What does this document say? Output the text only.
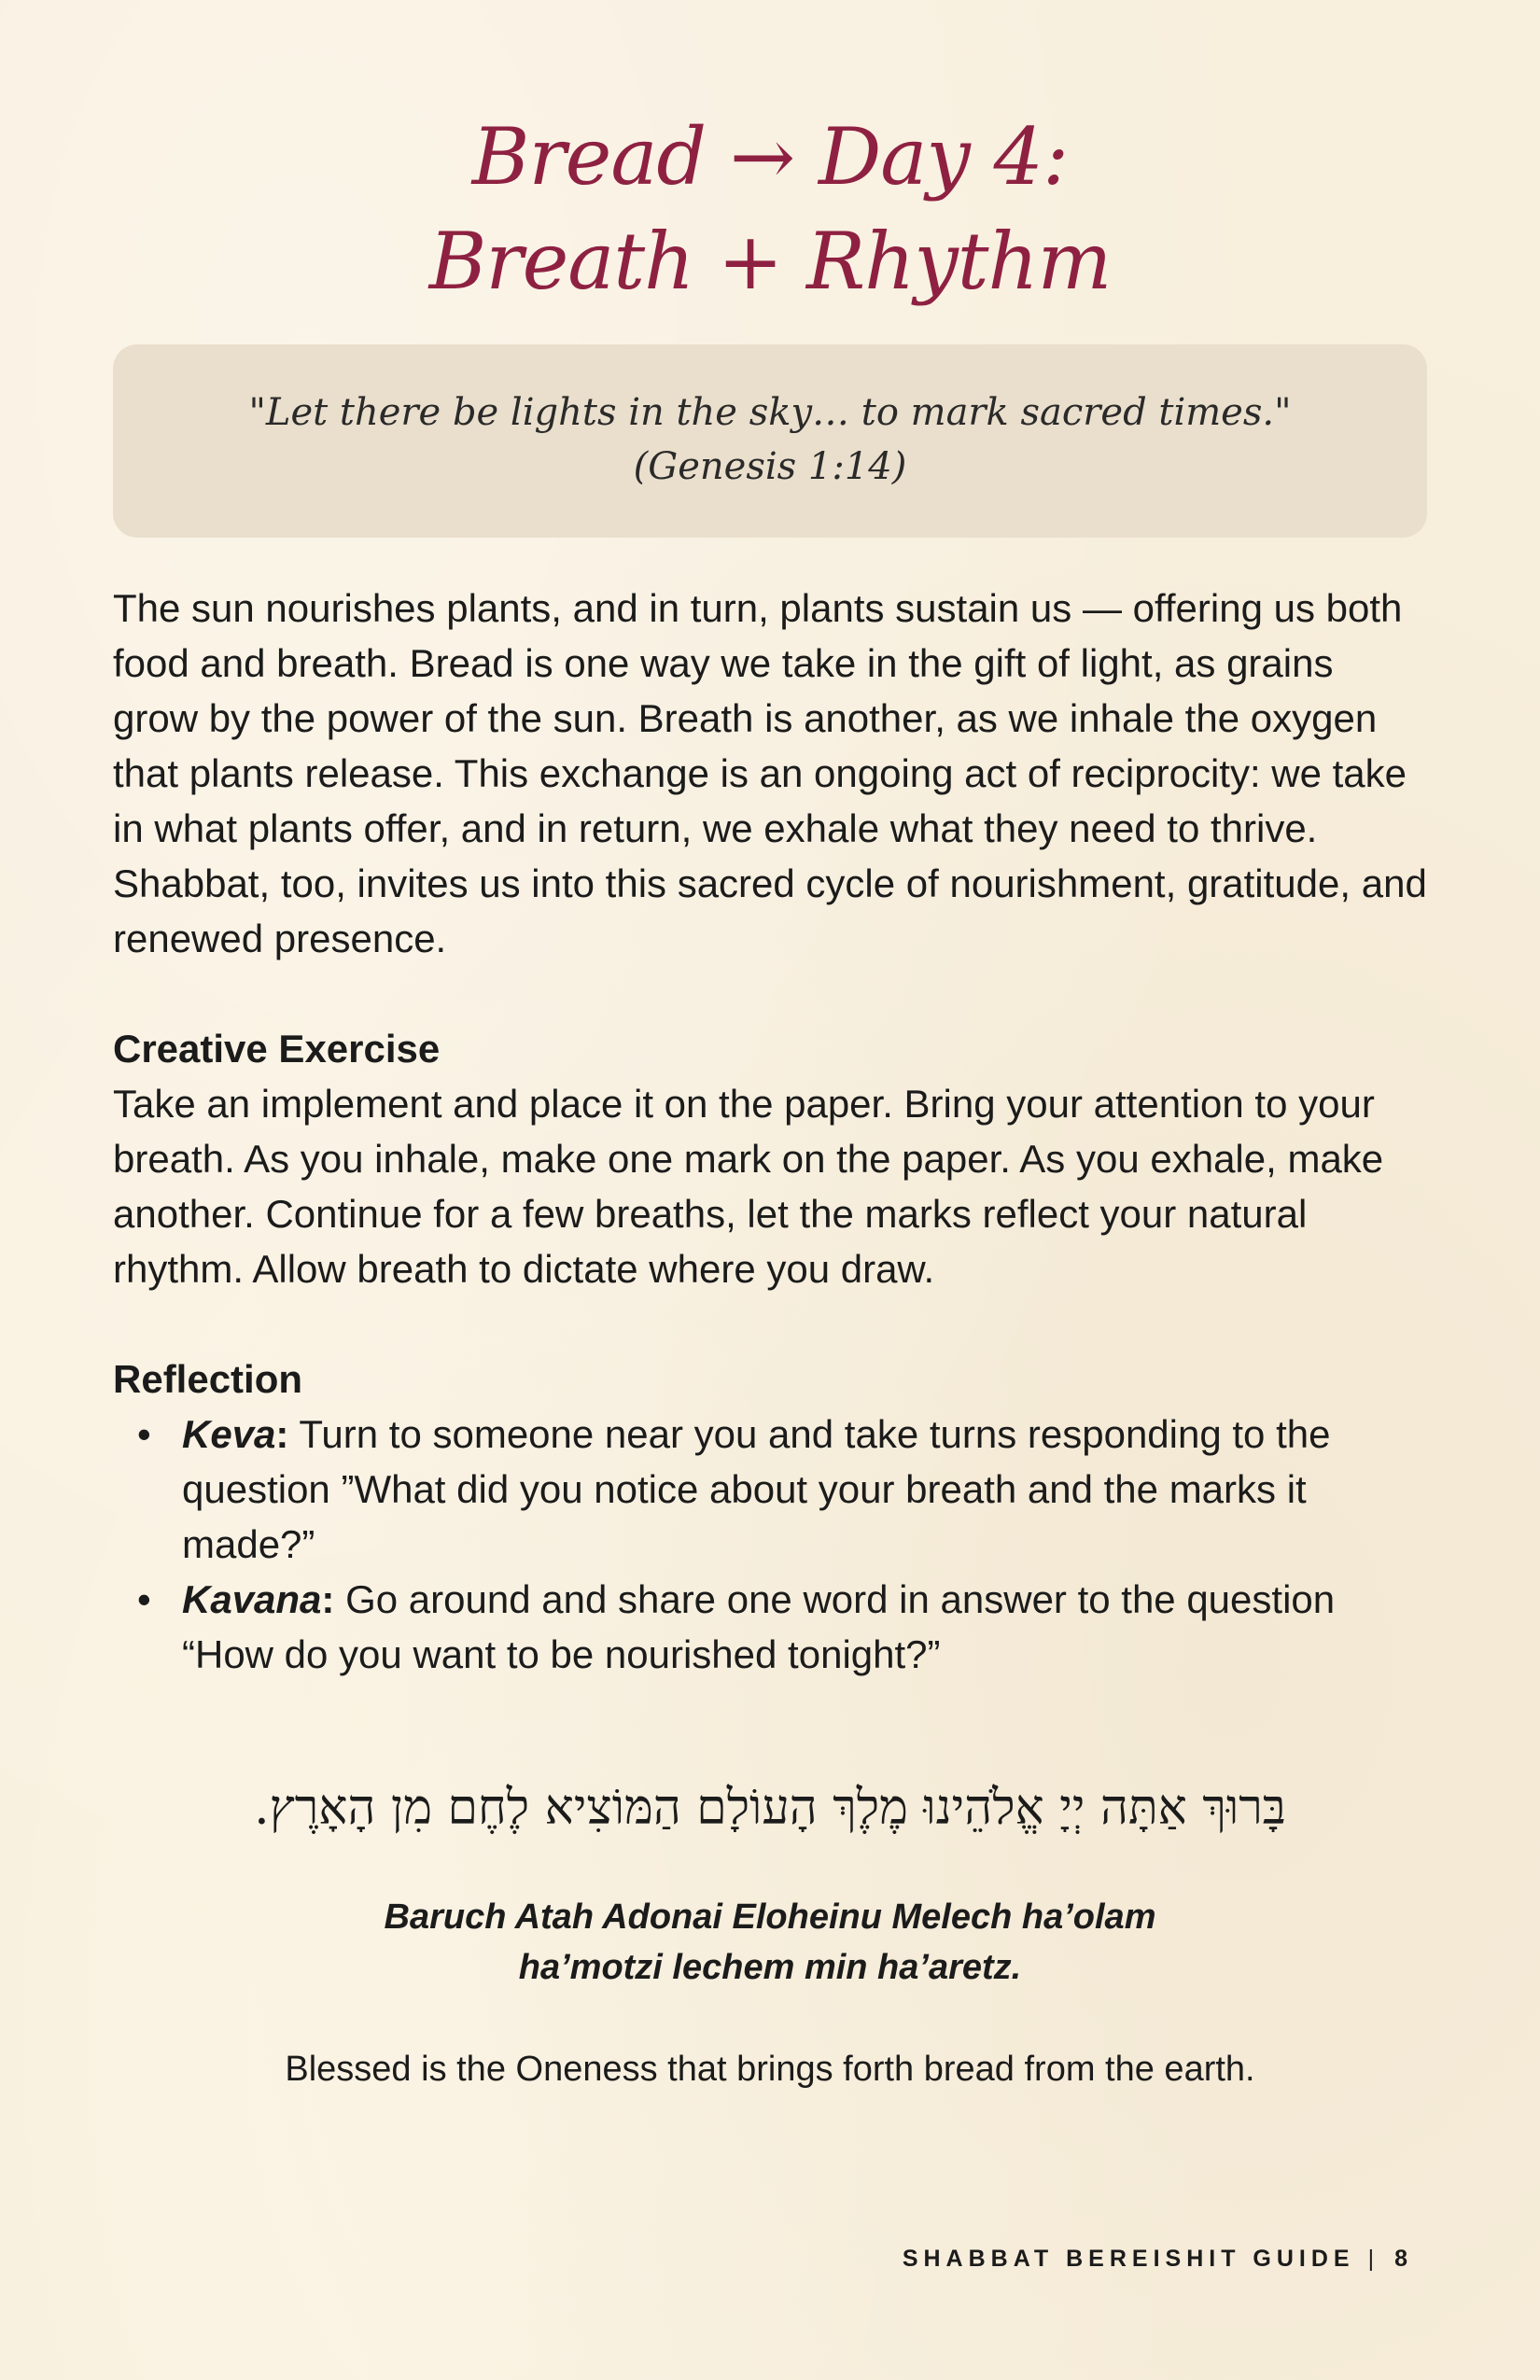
Bread → Day 4:
Breath + Rhythm
"Let there be lights in the sky… to mark sacred times."
(Genesis 1:14)

The sun nourishes plants, and in turn, plants sustain us — offering us both food and breath. Bread is one way we take in the gift of light, as grains grow by the power of the sun. Breath is another, as we inhale the oxygen that plants release. This exchange is an ongoing act of reciprocity: we take in what plants offer, and in return, we exhale what they need to thrive. Shabbat, too, invites us into this sacred cycle of nourishment, gratitude, and renewed presence.

Creative Exercise

Take an implement and place it on the paper. Bring your attention to your breath. As you inhale, make one mark on the paper. As you exhale, make another. Continue for a few breaths, let the marks reflect your natural rhythm. Allow breath to dictate where you draw.

Reflection

• Keva: Turn to someone near you and take turns responding to the question ”What did you notice about your breath and the marks it made?”
• Kavana: Go around and share one word in answer to the question “How do you want to be nourished tonight?”
בָּרוּךְ אַתָּה יְיָ אֱלֹהֵינוּ מֶלֶךְ הָעוֹלָם הַמּוֹצִיא לֶחֶם מִן הָאָרֶץ.
Baruch Atah Adonai Eloheinu Melech ha’olam
ha’motzi lechem min ha’aretz.
Blessed is the Oneness that brings forth bread from the earth.
SHABBAT BEREISHIT GUIDE | 8
